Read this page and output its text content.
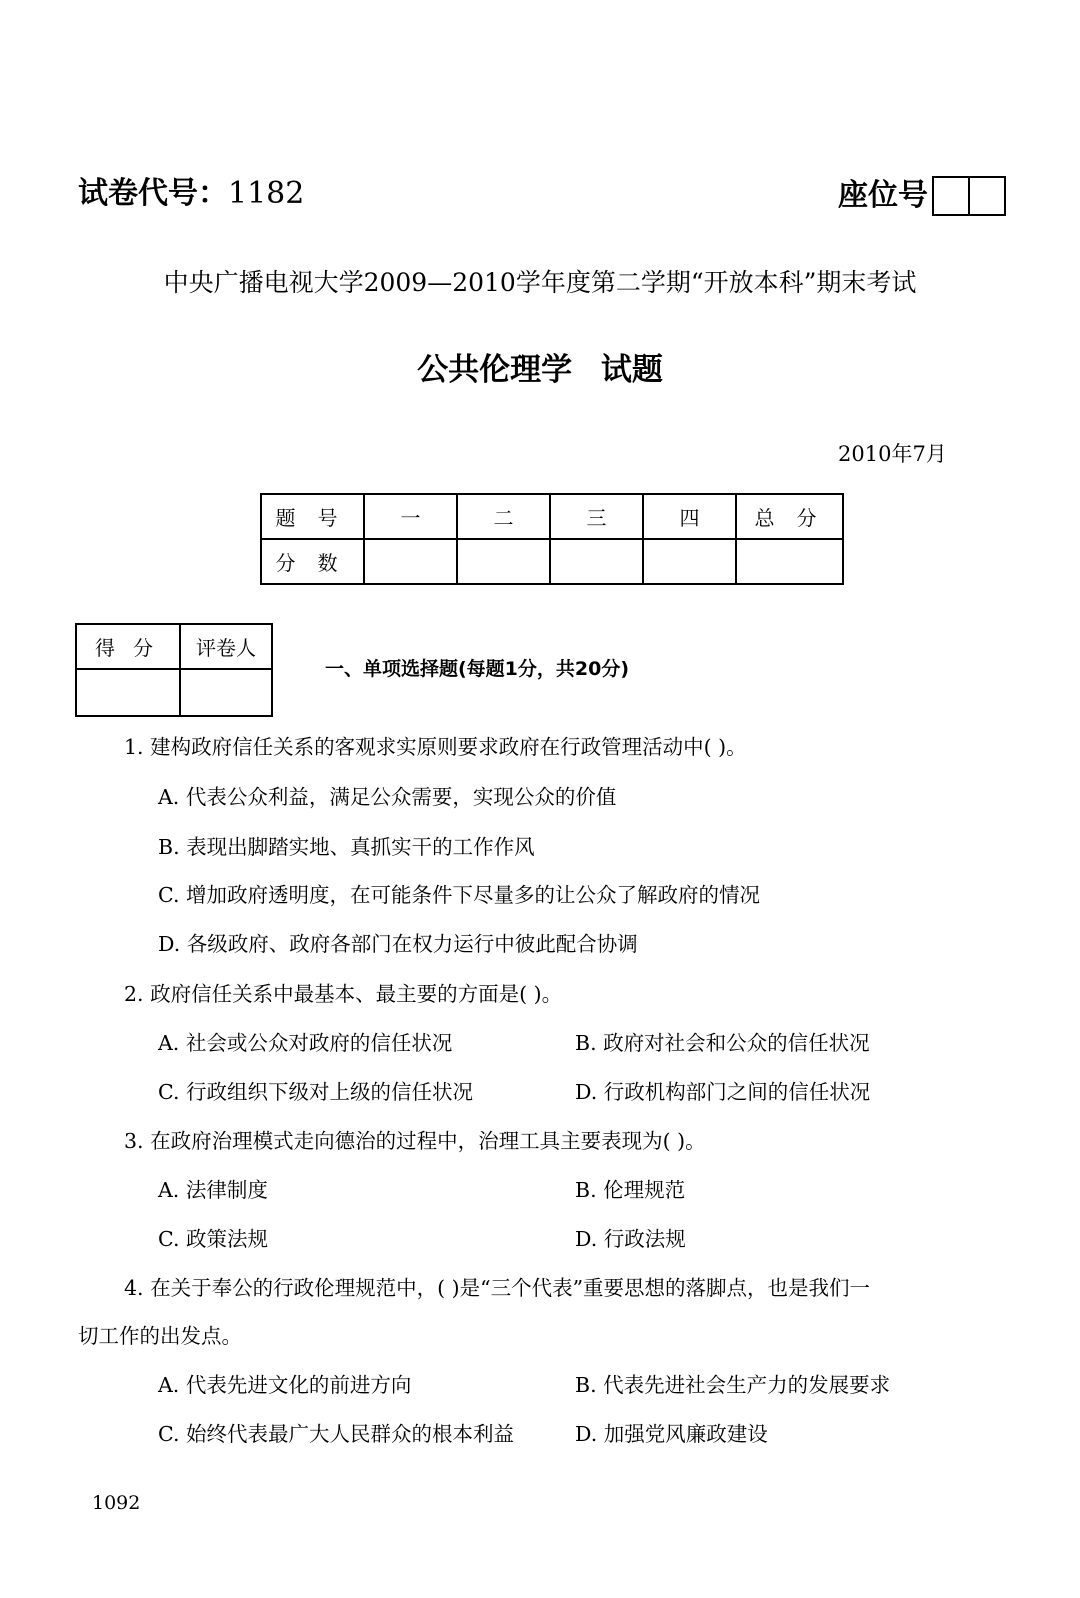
试卷代号：1182	座位号
中央广播电视大学2009—2010学年度第二学期“开放本科”期末考试
公共伦理学 试题
2010年7月
题号	一	二	三	四	总分
分数					
得分	评卷人

一、单项选择题(每题1分，共20分)
1. 建构政府信任关系的客观求实原则要求政府在行政管理活动中( )。
A. 代表公众利益，满足公众需要，实现公众的价值
B. 表现出脚踏实地、真抓实干的工作作风
C. 增加政府透明度，在可能条件下尽量多的让公众了解政府的情况
D. 各级政府、政府各部门在权力运行中彼此配合协调
2. 政府信任关系中最基本、最主要的方面是( )。
A. 社会或公众对政府的信任状况	B. 政府对社会和公众的信任状况
C. 行政组织下级对上级的信任状况	D. 行政机构部门之间的信任状况
3. 在政府治理模式走向德治的过程中，治理工具主要表现为( )。
A. 法律制度	B. 伦理规范
C. 政策法规	D. 行政法规
4. 在关于奉公的行政伦理规范中，( )是“三个代表”重要思想的落脚点，也是我们一
切工作的出发点。
A. 代表先进文化的前进方向	B. 代表先进社会生产力的发展要求
C. 始终代表最广大人民群众的根本利益	D. 加强党风廉政建设
1092
